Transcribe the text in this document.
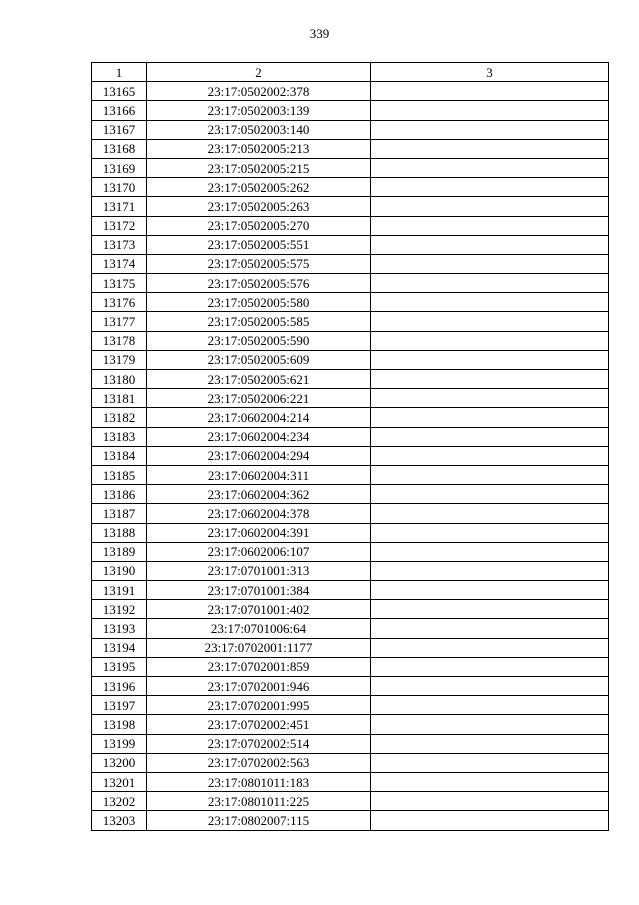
339
1	2	3
13165	23:17:0502002:378	
13166	23:17:0502003:139	
13167	23:17:0502003:140	
13168	23:17:0502005:213	
13169	23:17:0502005:215	
13170	23:17:0502005:262	
13171	23:17:0502005:263	
13172	23:17:0502005:270	
13173	23:17:0502005:551	
13174	23:17:0502005:575	
13175	23:17:0502005:576	
13176	23:17:0502005:580	
13177	23:17:0502005:585	
13178	23:17:0502005:590	
13179	23:17:0502005:609	
13180	23:17:0502005:621	
13181	23:17:0502006:221	
13182	23:17:0602004:214	
13183	23:17:0602004:234	
13184	23:17:0602004:294	
13185	23:17:0602004:311	
13186	23:17:0602004:362	
13187	23:17:0602004:378	
13188	23:17:0602004:391	
13189	23:17:0602006:107	
13190	23:17:0701001:313	
13191	23:17:0701001:384	
13192	23:17:0701001:402	
13193	23:17:0701006:64	
13194	23:17:0702001:1177	
13195	23:17:0702001:859	
13196	23:17:0702001:946	
13197	23:17:0702001:995	
13198	23:17:0702002:451	
13199	23:17:0702002:514	
13200	23:17:0702002:563	
13201	23:17:0801011:183	
13202	23:17:0801011:225	
13203	23:17:0802007:115	
